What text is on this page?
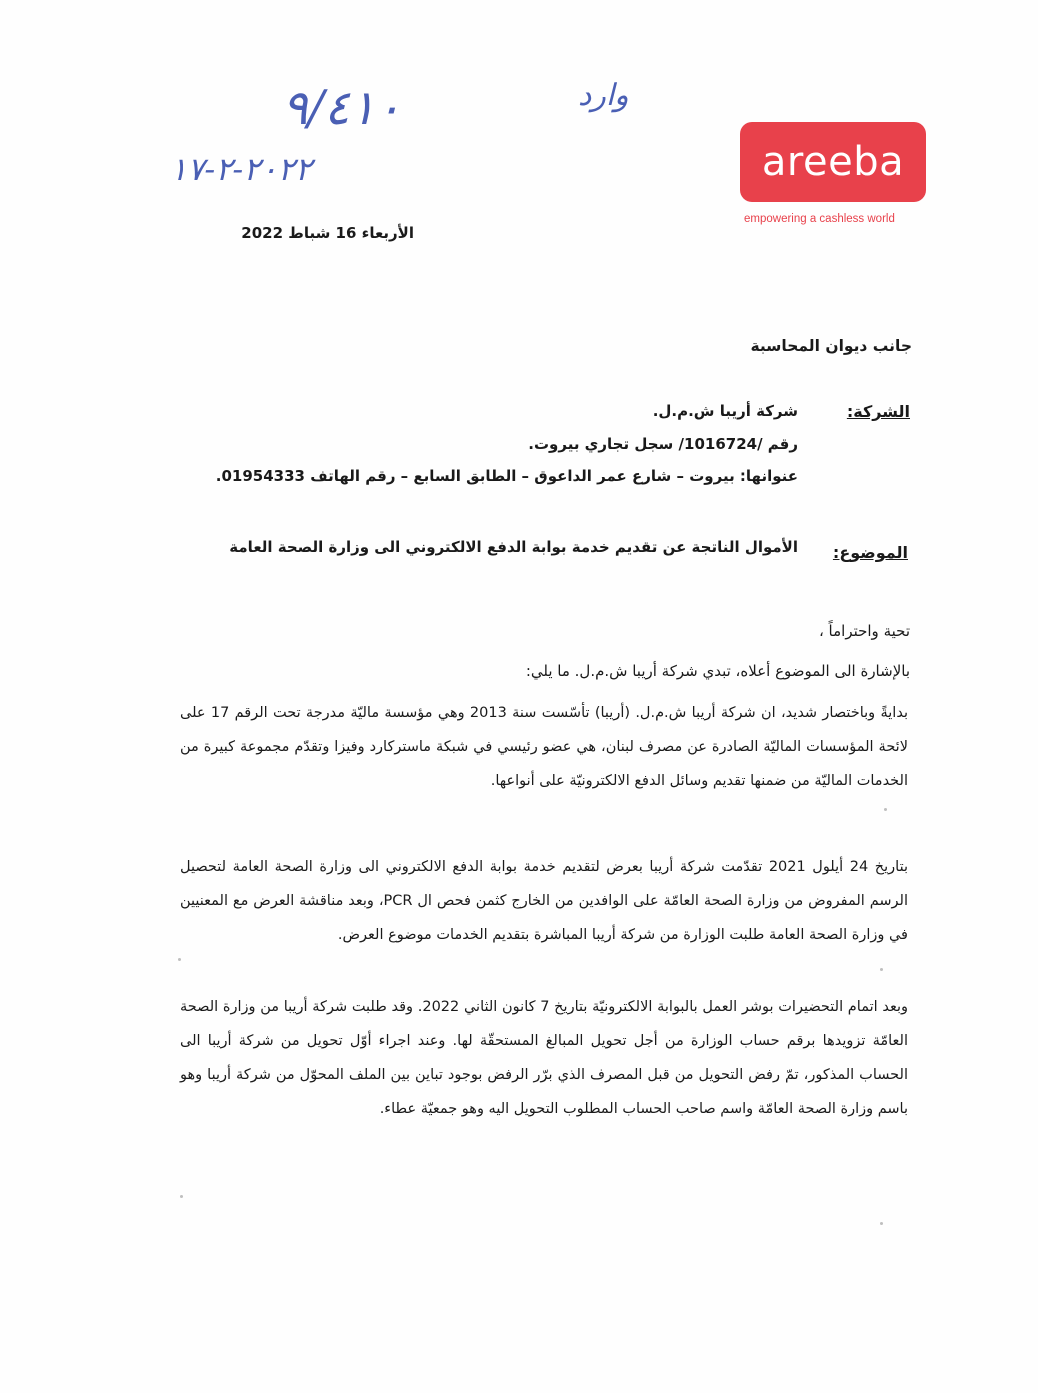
٩/٤١٠	وارد
٢٠٢٢-٢-١٧	areeba
empowering a cashless world
الأربعاء 16 شباط 2022
جانب ديوان المحاسبة
الشركة:
شركة أريبا ش.م.ل.
رقم /1016724/ سجل تجاري بيروت.
عنوانها: بيروت – شارع عمر الداعوق – الطابق السابع – رقم الهاتف 01954333.
الموضوع:
الأموال الناتجة عن تقديم خدمة بوابة الدفع الالكتروني الى وزارة الصحة العامة
تحية واحتراماً ،
بالإشارة الى الموضوع أعلاه، تبدي شركة أريبا ش.م.ل. ما يلي:
بدايةً وباختصار شديد، ان شركة أريبا ش.م.ل. (أريبا) تأسّست سنة 2013 وهي مؤسسة ماليّة مدرجة تحت الرقم 17 على لائحة المؤسسات الماليّة الصادرة عن مصرف لبنان، هي عضو رئيسي في شبكة ماستركارد وفيزا وتقدّم مجموعة كبيرة من الخدمات الماليّة من ضمنها تقديم وسائل الدفع الالكترونيّة على أنواعها.
بتاريخ 24 أيلول 2021 تقدّمت شركة أريبا بعرض لتقديم خدمة بوابة الدفع الالكتروني الى وزارة الصحة العامة لتحصيل الرسم المفروض من وزارة الصحة العامّة على الوافدين من الخارج كثمن فحص ال PCR، وبعد مناقشة العرض مع المعنيين في وزارة الصحة العامة طلبت الوزارة من شركة أريبا المباشرة بتقديم الخدمات موضوع العرض.
وبعد اتمام التحضيرات بوشر العمل بالبوابة الالكترونيّة بتاريخ 7 كانون الثاني 2022. وقد طلبت شركة أريبا من وزارة الصحة العامّة تزويدها برقم حساب الوزارة من أجل تحويل المبالغ المستحقّة لها. وعند اجراء أوّل تحويل من شركة أريبا الى الحساب المذكور، تمّ رفض التحويل من قبل المصرف الذي برّر الرفض بوجود تباين بين الملف المحوّل من شركة أريبا وهو باسم وزارة الصحة العامّة واسم صاحب الحساب المطلوب التحويل اليه وهو جمعيّة عطاء.
